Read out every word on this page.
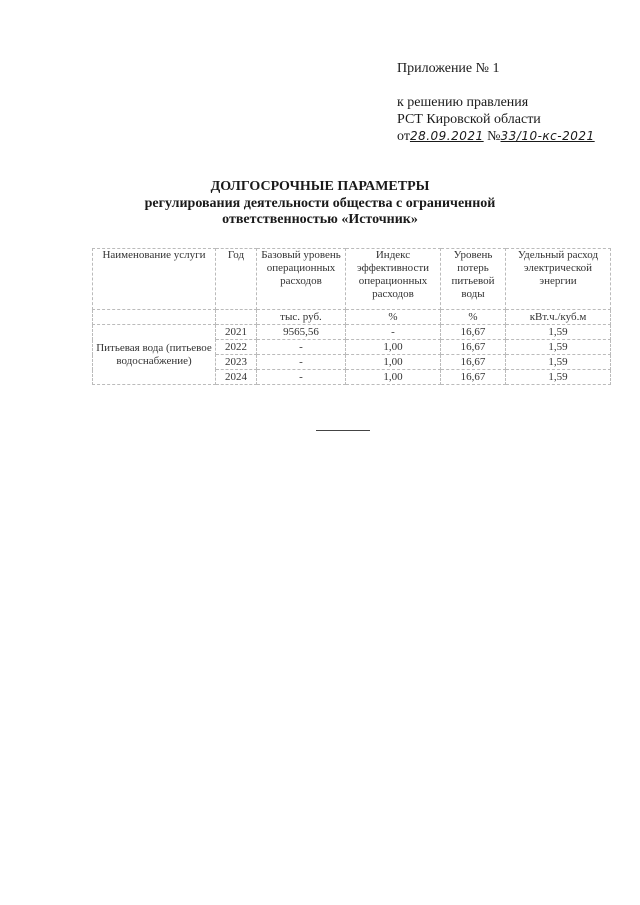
Приложение № 1
к решению правления
РСТ Кировской области
от28.09.2021 №33/10-кс-2021
ДОЛГОСРОЧНЫЕ ПАРАМЕТРЫ
регулирования деятельности общества с ограниченной
ответственностью «Источник»
Наименование услуги	Год	Базовый уровень операционных расходов	Индекс эффективности операционных расходов	Уровень потерь питьевой воды	Удельный расход электрической энергии
		тыс. руб.	%	%	кВт.ч./куб.м
Питьевая вода (питьевое водоснабжение)	2021	9565,56	-	16,67	1,59
	2022	-	1,00	16,67	1,59
	2023	-	1,00	16,67	1,59
	2024	-	1,00	16,67	1,59
